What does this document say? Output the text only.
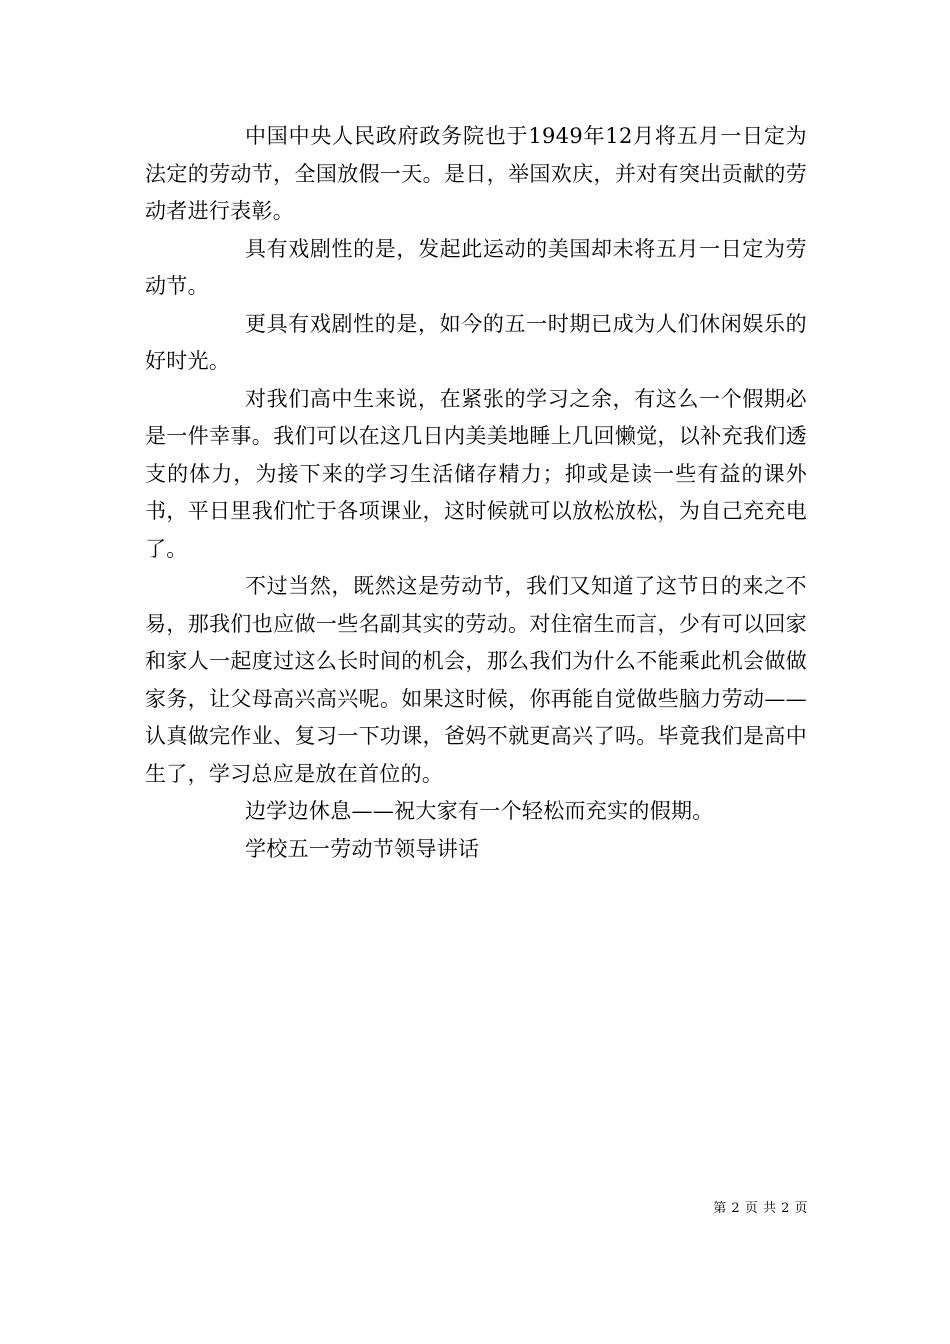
中国中央人民政府政务院也于1949年12月将五月一日定为法定的劳动节，全国放假一天。是日，举国欢庆，并对有突出贡献的劳动者进行表彰。

具有戏剧性的是，发起此运动的美国却未将五月一日定为劳动节。

更具有戏剧性的是，如今的五一时期已成为人们休闲娱乐的好时光。

对我们高中生来说，在紧张的学习之余，有这么一个假期必是一件幸事。我们可以在这几日内美美地睡上几回懒觉，以补充我们透支的体力，为接下来的学习生活储存精力；抑或是读一些有益的课外书，平日里我们忙于各项课业，这时候就可以放松放松，为自己充充电了。

不过当然，既然这是劳动节，我们又知道了这节日的来之不易，那我们也应做一些名副其实的劳动。对住宿生而言，少有可以回家和家人一起度过这么长时间的机会，那么我们为什么不能乘此机会做做家务，让父母高兴高兴呢。如果这时候，你再能自觉做些脑力劳动——认真做完作业、复习一下功课，爸妈不就更高兴了吗。毕竟我们是高中生了，学习总应是放在首位的。

边学边休息——祝大家有一个轻松而充实的假期。

学校五一劳动节领导讲话

第 2 页 共 2 页
